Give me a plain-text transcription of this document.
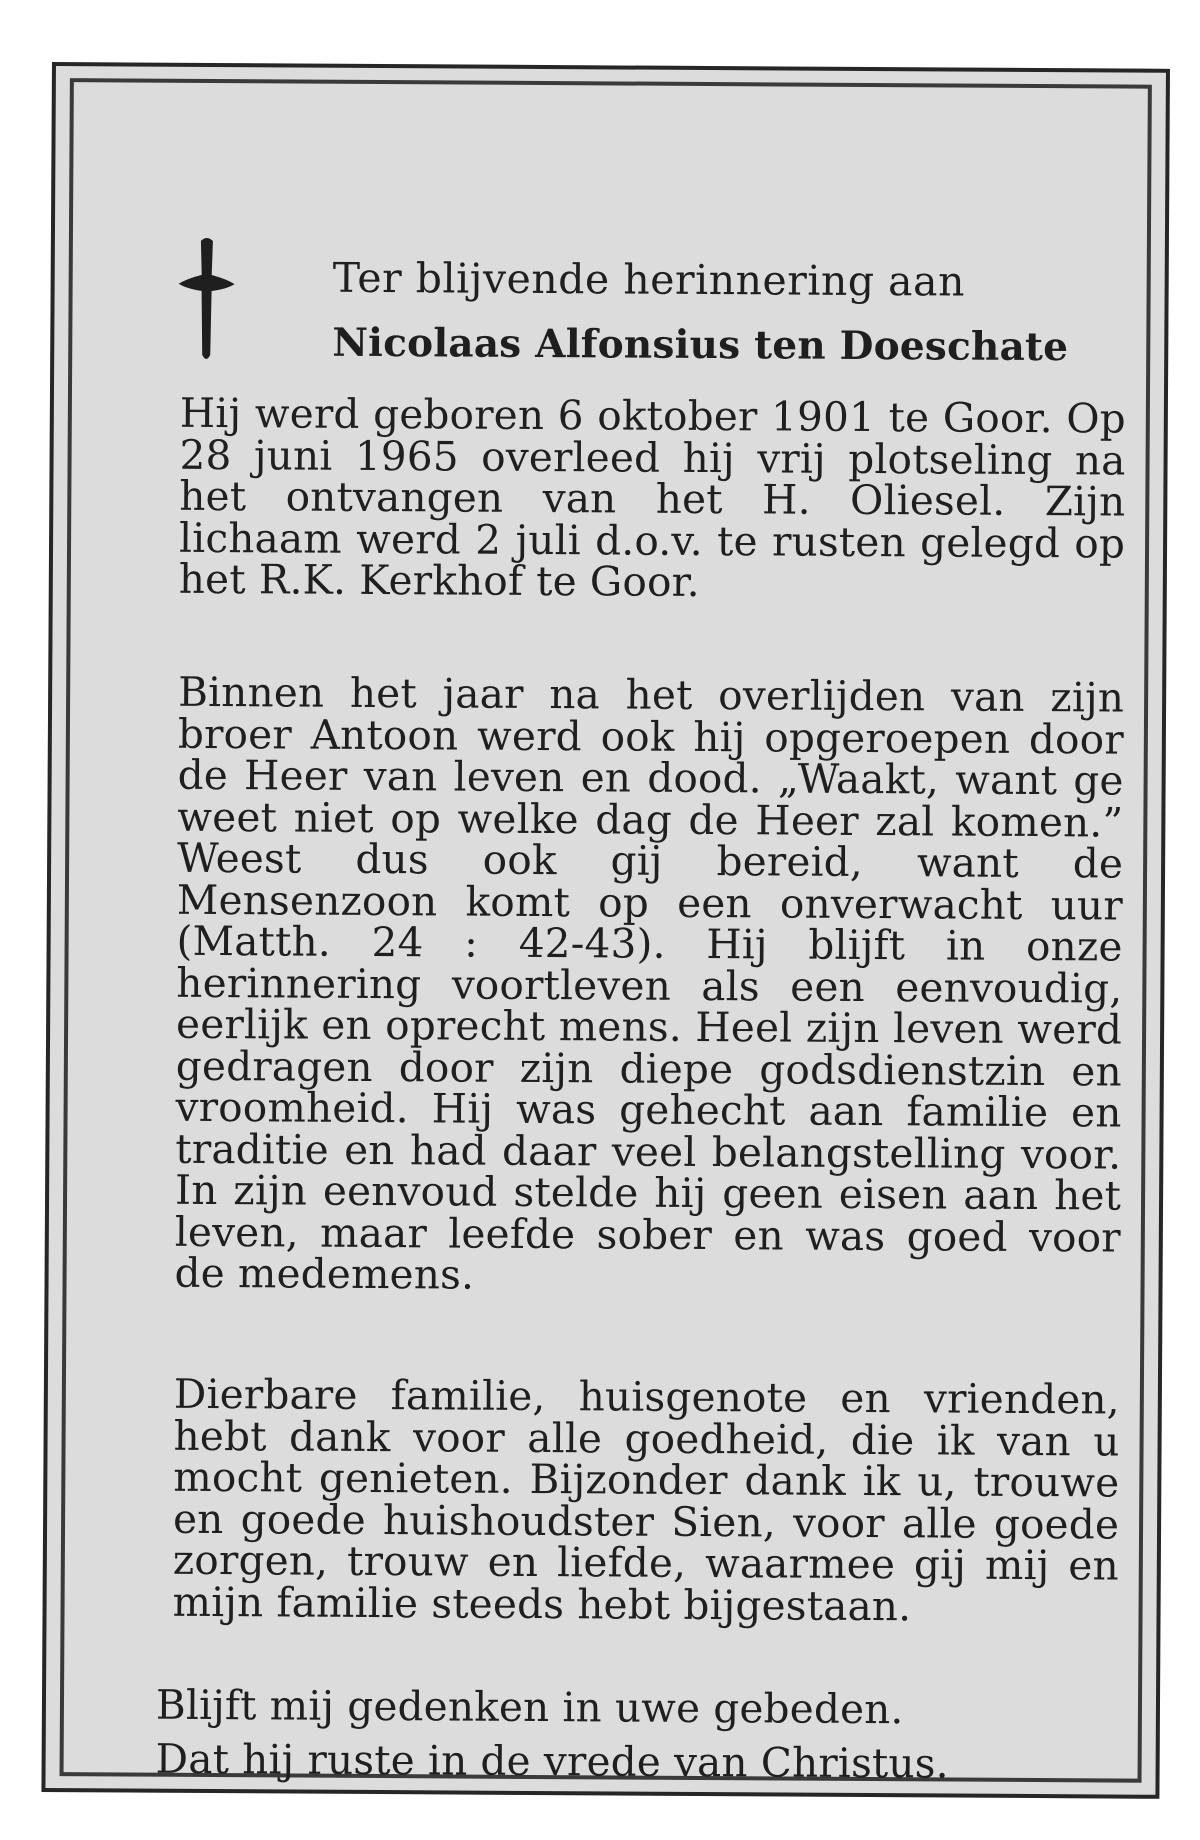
Ter blijvende herinnering aan
Nicolaas Alfonsius ten Doeschate

Hij werd geboren 6 oktober 1901 te Goor. Op 28 juni 1965 overleed hij vrij plotseling na het ontvangen van het H. Oliesel. Zijn lichaam werd 2 juli d.o.v. te rusten gelegd op het R.K. Kerkhof te Goor.

Binnen het jaar na het overlijden van zijn broer Antoon werd ook hij opgeroepen door de Heer van leven en dood. „Waakt, want ge weet niet op welke dag de Heer zal komen.” Weest dus ook gij bereid, want de Mensenzoon komt op een onverwacht uur (Matth. 24 : 42-43). Hij blijft in onze herinnering voortleven als een eenvoudig, eerlijk en oprecht mens. Heel zijn leven werd gedragen door zijn diepe godsdienstzin en vroomheid. Hij was gehecht aan familie en traditie en had daar veel belangstelling voor. In zijn eenvoud stelde hij geen eisen aan het leven, maar leefde sober en was goed voor de medemens.

Dierbare familie, huisgenote en vrienden, hebt dank voor alle goedheid, die ik van u mocht genieten. Bijzonder dank ik u, trouwe en goede huishoudster Sien, voor alle goede zorgen, trouw en liefde, waarmee gij mij en mijn familie steeds hebt bijgestaan.

Blijft mij gedenken in uwe gebeden.
Dat hij ruste in de vrede van Christus.
